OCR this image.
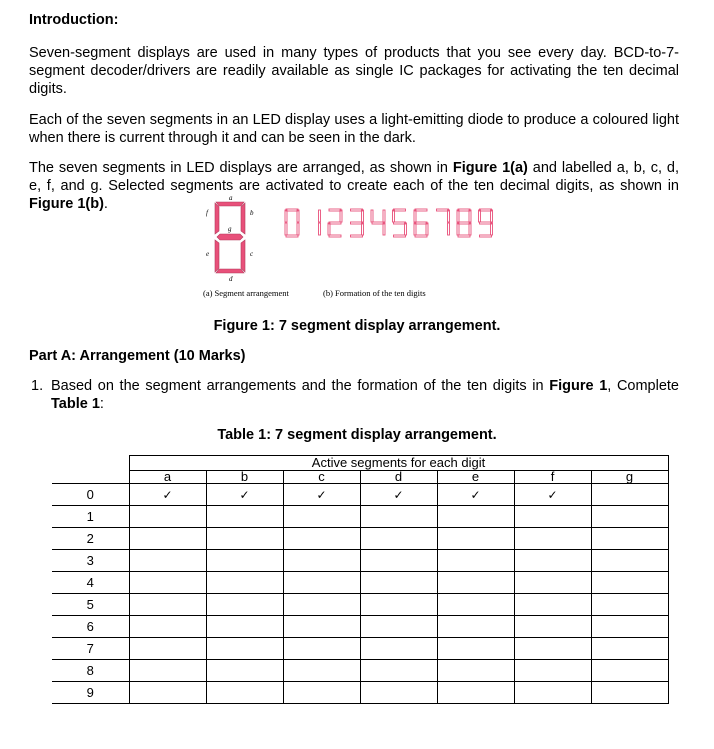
Introduction:

Seven-segment displays are used in many types of products that you see every day. BCD-to-7-segment decoder/drivers are readily available as single IC packages for activating the ten decimal digits.

Each of the seven segments in an LED display uses a light-emitting diode to produce a coloured light when there is current through it and can be seen in the dark.

The seven segments in LED displays are arranged, as shown in Figure 1(a) and labelled a, b, c, d, e, f, and g. Selected segments are activated to create each of the ten decimal digits, as shown in Figure 1(b).	a
b
c
d
e
f
g	0	1	2	3	4	5	6	7	8	9
(a) Segment arrangement	(b) Formation of the ten digits
Figure 1: 7 segment display arrangement.
Part A: Arrangement (10 Marks)
1. Based on the segment arrangements and the formation of the ten digits in Figure 1, Complete Table 1:
Table 1: 7 segment display arrangement.
	Active segments for each digit						
	a	b	c	d	e	f	g
0	✓	✓	✓	✓	✓	✓	
1							
2							
3							
4							
5							
6							
7							
8							
9							
